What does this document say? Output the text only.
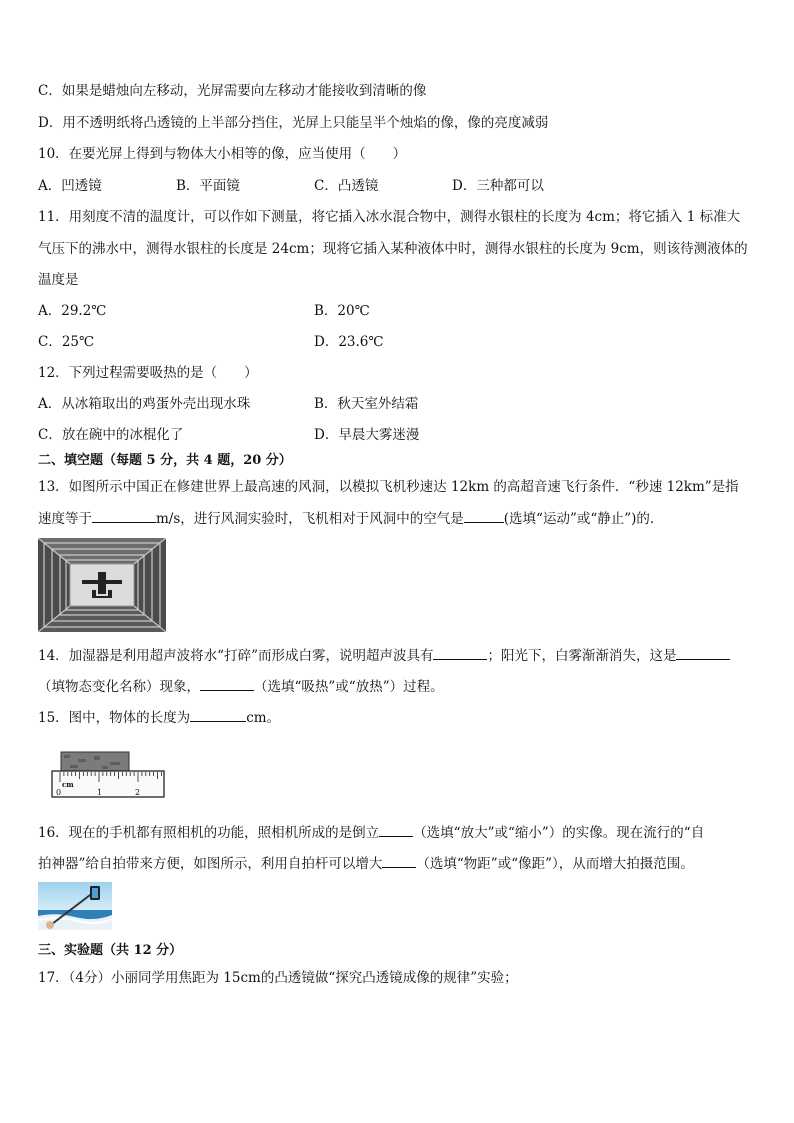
C．如果是蜡烛向左移动，光屏需要向左移动才能接收到清晰的像
D．用不透明纸将凸透镜的上半部分挡住，光屏上只能呈半个烛焰的像，像的亮度减弱
10．在要光屏上得到与物体大小相等的像，应当使用（　　）
A．凹透镜	B．平面镜	C．凸透镜	D．三种都可以
11．用刻度不清的温度计，可以作如下测量，将它插入冰水混合物中，测得水银柱的长度为 4cm；将它插入 1 标准大
气压下的沸水中，测得水银柱的长度是 24cm；现将它插入某种液体中时，测得水银柱的长度为 9cm，则该待测液体的
温度是
A．29.2℃	B．20℃
C．25℃	D．23.6℃
12．下列过程需要吸热的是（　　）
A．从冰箱取出的鸡蛋外壳出现水珠	B．秋天室外结霜
C．放在碗中的冰棍化了	D．早晨大雾迷漫
二、填空题（每题 5 分，共 4 题，20 分）
13．如图所示中国正在修建世界上最高速的风洞，以模拟飞机秒速达 12km 的高超音速飞行条件．“秒速 12km”是指
速度等于	m/s，进行风洞实验时，飞机相对于风洞中的空气是	(选填“运动”或“静止”)的．
14．加湿器是利用超声波将水“打碎”而形成白雾，说明超声波具有	；阳光下，白雾渐渐消失，这是
（填物态变化名称）现象，	（选填“吸热”或“放热”）过程。
15．图中，物体的长度为	cm。
cm
0	1	2
16．现在的手机都有照相机的功能，照相机所成的是倒立	（选填“放大”或“缩小”）的实像。现在流行的“自
拍神器”给自拍带来方便，如图所示，利用自拍杆可以增大	（选填“物距”或“像距”），从而增大拍摄范围。
三、实验题（共 12 分）
17．（4分）小丽同学用焦距为 15cm的凸透镜做“探究凸透镜成像的规律”实验；
